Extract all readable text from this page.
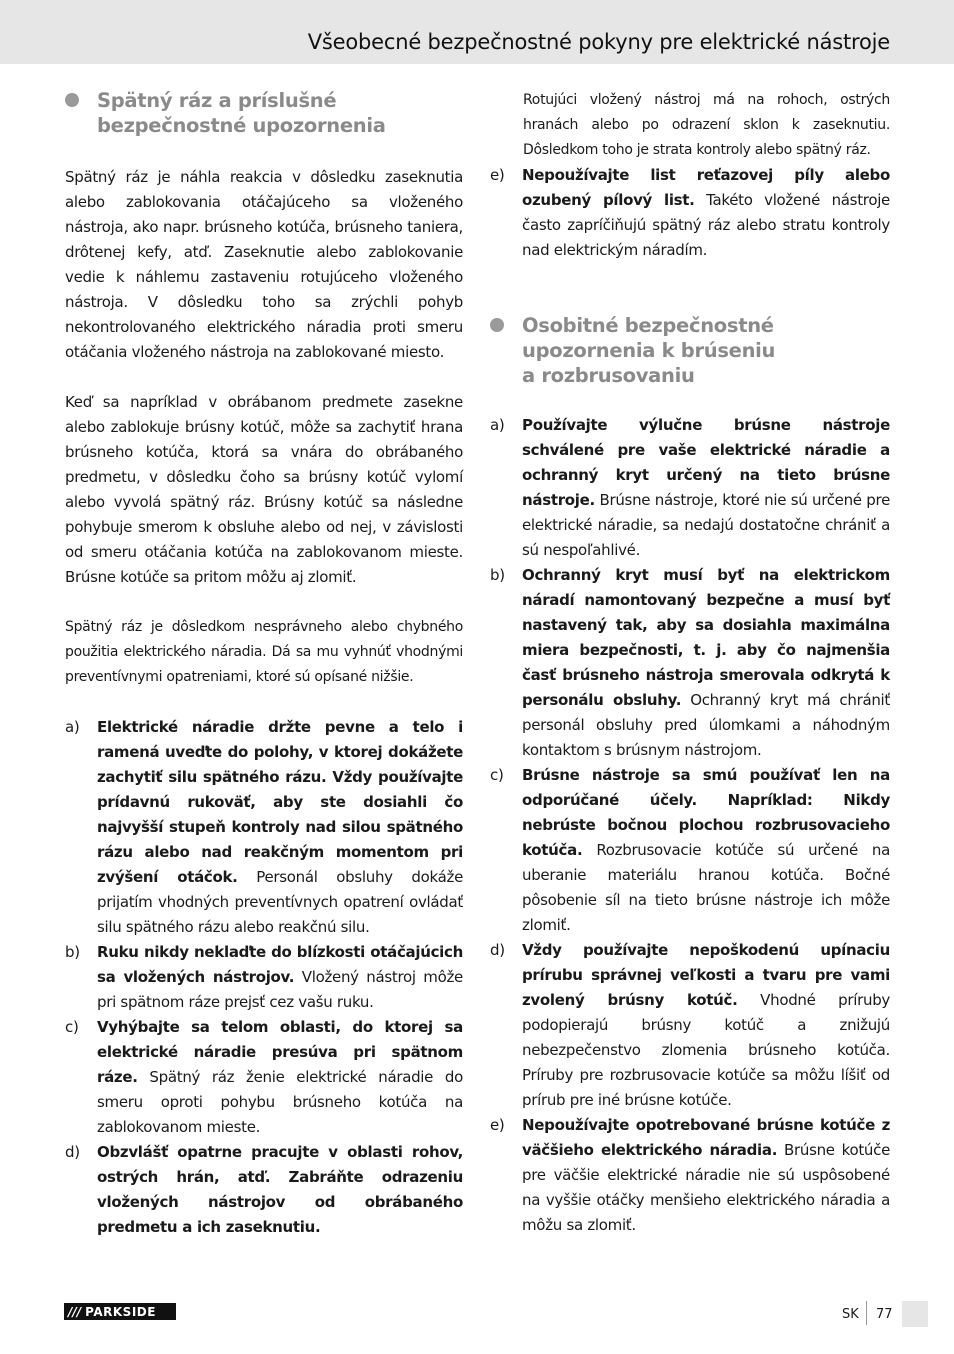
Všeobecné bezpečnostné pokyny pre elektrické nástroje
Spätný ráz a príslušné
bezpečnostné upozornenia

Spätný ráz je náhla reakcia v dôsledku zaseknutia alebo zablokovania otáčajúceho sa vloženého nástroja, ako napr. brúsneho kotúča, brúsneho taniera, drôtenej kefy, atď. Zaseknutie alebo zablokovanie vedie k náhlemu zastaveniu rotujúceho vloženého nástroja. V dôsledku toho sa zrýchli pohyb nekontrolovaného elektrického náradia proti smeru otáčania vloženého nástroja na zablokované miesto.

Keď sa napríklad v obrábanom predmete zasekne alebo zablokuje brúsny kotúč, môže sa zachytiť hrana brúsneho kotúča, ktorá sa vnára do obrábaného predmetu, v dôsledku čoho sa brúsny kotúč vylomí alebo vyvolá spätný ráz. Brúsny kotúč sa následne pohybuje smerom k obsluhe alebo od nej, v závislosti od smeru otáčania kotúča na zablokovanom mieste. Brúsne kotúče sa pritom môžu aj zlomiť.

Spätný ráz je dôsledkom nesprávneho alebo chybného použitia elektrického náradia. Dá sa mu vyhnúť vhodnými preventívnymi opatreniami, ktoré sú opísané nižšie.

a)	Elektrické náradie držte pevne a telo i ramená uveďte do polohy, v ktorej dokážete zachytiť silu spätného rázu. Vždy používajte prídavnú rukoväť, aby ste dosiahli čo najvyšší stupeň kontroly nad silou spätného rázu alebo nad reakčným momentom pri zvýšení otáčok. Personál obsluhy dokáže prijatím vhodných preventívnych opatrení ovládať silu spätného rázu alebo reakčnú silu.
b)	Ruku nikdy neklaďte do blízkosti otáčajúcich sa vložených nástrojov. Vložený nástroj môže pri spätnom ráze prejsť cez vašu ruku.
c)	Vyhýbajte sa telom oblasti, do ktorej sa elektrické náradie presúva pri spätnom ráze. Spätný ráz ženie elektrické náradie do smeru oproti pohybu brúsneho kotúča na zablokovanom mieste.
d)	Obzvlášť opatrne pracujte v oblasti rohov, ostrých hrán, atď. Zabráňte odrazeniu vložených nástrojov od obrábaného predmetu a ich zaseknutiu.

Rotujúci vložený nástroj má na rohoch, ostrých hranách alebo po odrazení sklon k zaseknutiu. Dôsledkom toho je strata kontroly alebo spätný ráz.

e)	Nepoužívajte list reťazovej píly alebo ozubený pílový list. Takéto vložené nástroje často zapríčiňujú spätný ráz alebo stratu kontroly nad elektrickým náradím.
Osobitné bezpečnostné
upozornenia k brúseniu
a rozbrusovaniu
a)	Používajte výlučne brúsne nástroje schválené pre vaše elektrické náradie a ochranný kryt určený na tieto brúsne nástroje. Brúsne nástroje, ktoré nie sú určené pre elektrické náradie, sa nedajú dostatočne chrániť a sú nespoľahlivé.
b)	Ochranný kryt musí byť na elektrickom náradí namontovaný bezpečne a musí byť nastavený tak, aby sa dosiahla maximálna miera bezpečnosti, t. j. aby čo najmenšia časť brúsneho nástroja smerovala odkrytá k personálu obsluhy. Ochranný kryt má chrániť personál obsluhy pred úlomkami a náhodným kontaktom s brúsnym nástrojom.
c)	Brúsne nástroje sa smú používať len na odporúčané účely. Napríklad: Nikdy nebrúste bočnou plochou rozbrusovacieho kotúča. Rozbrusovacie kotúče sú určené na uberanie materiálu hranou kotúča. Bočné pôsobenie síl na tieto brúsne nástroje ich môže zlomiť.
d)	Vždy používajte nepoškodenú upínaciu prírubu správnej veľkosti a tvaru pre vami zvolený brúsny kotúč. Vhodné príruby podopierajú brúsny kotúč a znižujú nebezpečenstvo zlomenia brúsneho kotúča. Príruby pre rozbrusovacie kotúče sa môžu líšiť od prírub pre iné brúsne kotúče.
e)	Nepoužívajte opotrebované brúsne kotúče z väčšieho elektrického náradia. Brúsne kotúče pre väčšie elektrické náradie nie sú uspôsobené na vyššie otáčky menšieho elektrického náradia a môžu sa zlomiť.
/// PARKSIDE	SK 77
